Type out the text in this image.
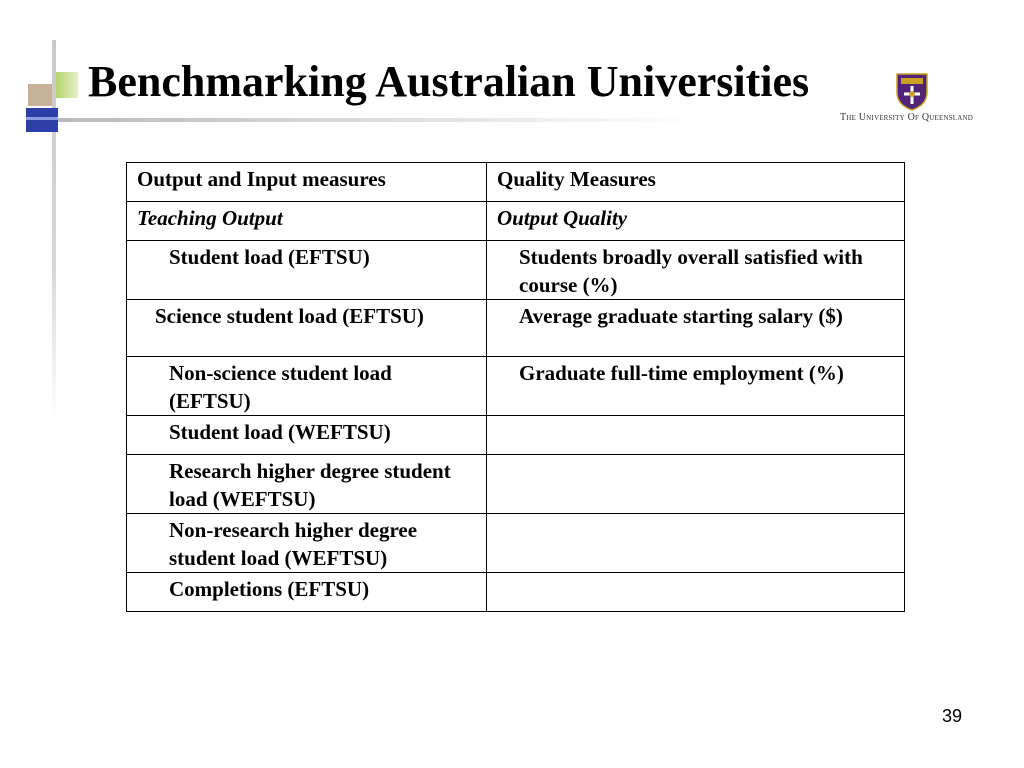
Benchmarking Australian Universities
The University Of Queensland
Output and Input measures	Quality Measures
Teaching Output	Output Quality
Student load (EFTSU)	Students broadly overall satisfied with course (%)
Science student load (EFTSU)	Average graduate starting salary ($)
Non-science student load (EFTSU)	Graduate full-time employment (%)
Student load (WEFTSU)	
Research higher degree student load (WEFTSU)	
Non-research higher degree student load (WEFTSU)	
Completions (EFTSU)	
39
